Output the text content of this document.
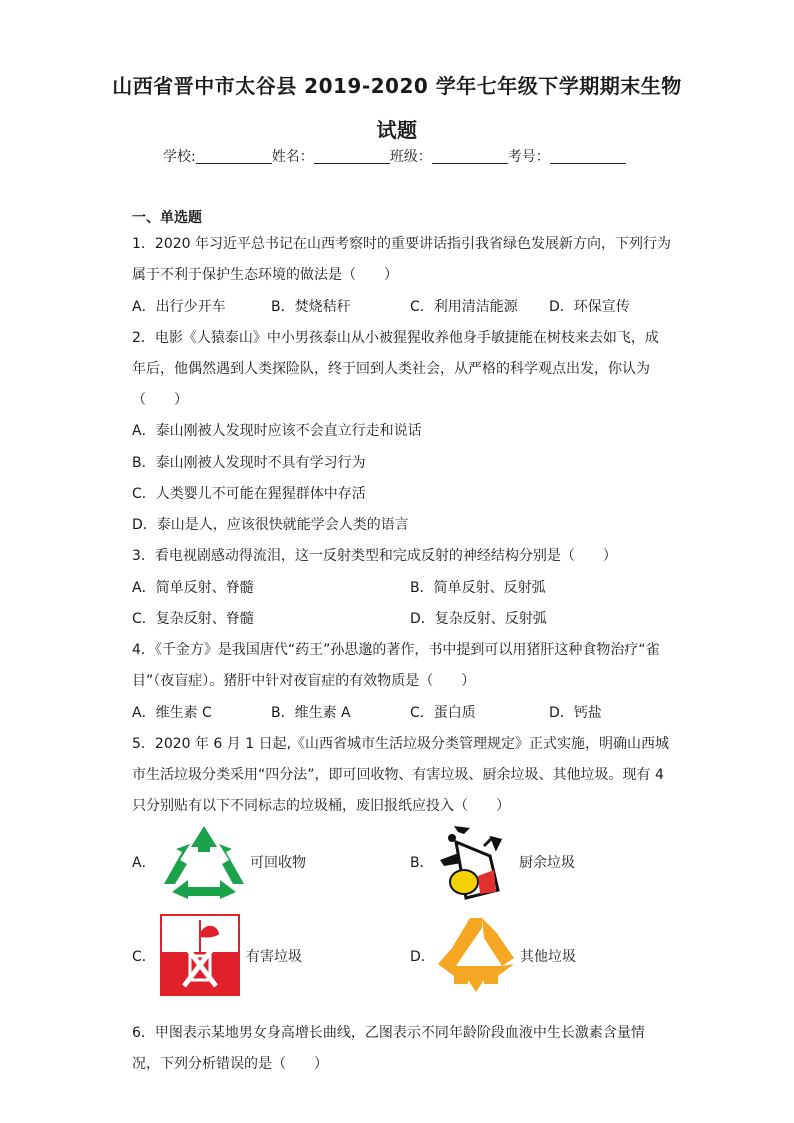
山西省晋中市太谷县 2019-2020 学年七年级下学期期末生物
试题
学校:	姓名：	班级：	考号：
一、单选题
1．2020 年习近平总书记在山西考察时的重要讲话指引我省绿色发展新方向，下列行为
属于不利于保护生态环境的做法是（　　）
A．出行少开车	B．焚烧秸秆	C．利用清洁能源 D．环保宣传
2．电影《人猿泰山》中小男孩泰山从小被猩猩收养他身手敏捷能在树枝来去如飞，成
年后，他偶然遇到人类探险队，终于回到人类社会，从严格的科学观点出发，你认为
（　　）
A．泰山刚被人发现时应该不会直立行走和说话
B．泰山刚被人发现时不具有学习行为
C．人类婴儿不可能在猩猩群体中存活
D．泰山是人，应该很快就能学会人类的语言
3．看电视剧感动得流泪，这一反射类型和完成反射的神经结构分别是（　　）
A．简单反射、脊髓	B．简单反射、反射弧
C．复杂反射、脊髓	D．复杂反射、反射弧
4．《千金方》是我国唐代“药王”孙思邈的著作，书中提到可以用猪肝这种食物治疗“雀
目”（夜盲症）。猪肝中针对夜盲症的有效物质是（　　）
A．维生素 C	B．维生素 A	C．蛋白质	D．钙盐
5．2020 年 6 月 1 日起,《山西省城市生活垃圾分类管理规定》正式实施，明确山西城
市生活垃圾分类采用“四分法”，即可回收物、有害垃圾、厨余垃圾、其他垃圾。现有 4
只分别贴有以下不同标志的垃圾桶，废旧报纸应投入（　　）
A．	可回收物	B．	厨余垃圾
C．	有害垃圾	D．	其他垃圾
6．甲图表示某地男女身高增长曲线，乙图表示不同年龄阶段血液中生长激素含量情
况，下列分析错误的是（　　）
